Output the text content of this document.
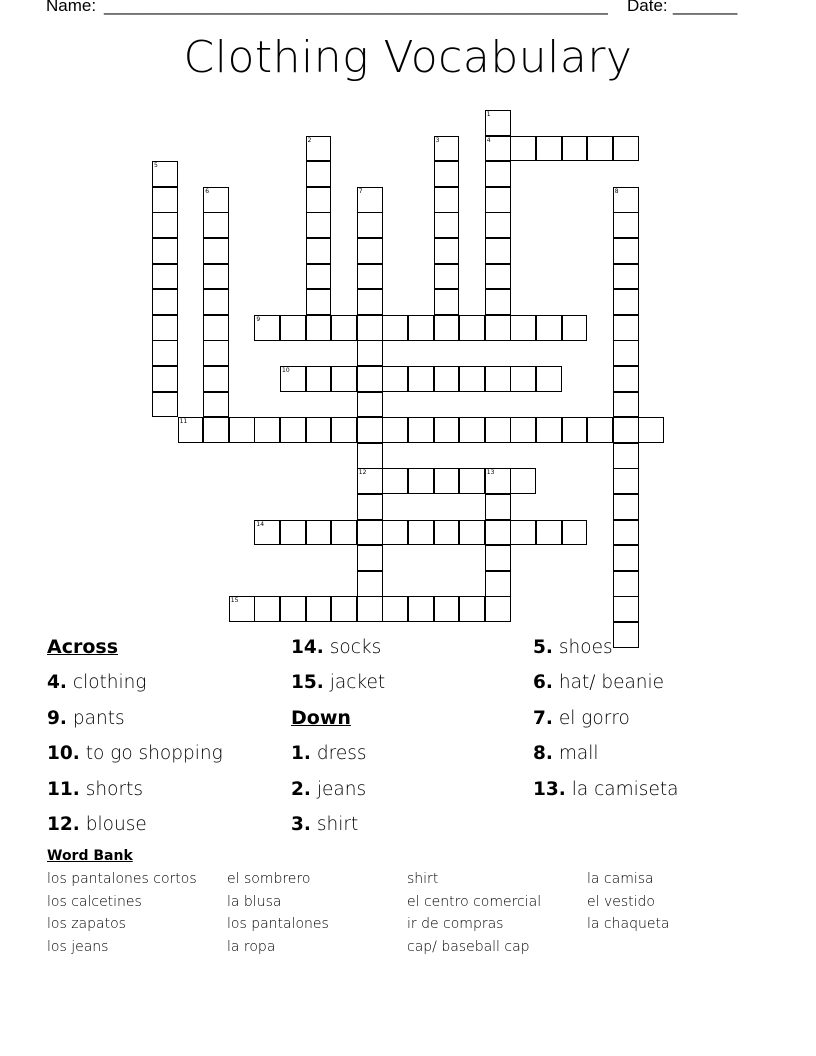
Name: _______________________________________________________ Date: _______
Clothing Vocabulary
1
2	3	4
5
6	7	8
9
10
11
12	13
14
15
Across
4. clothing
9. pants
10. to go shopping
11. shorts
12. blouse
14. socks
15. jacket
Down
1. dress
2. jeans
3. shirt
5. shoes
6. hat/ beanie
7. el gorro
8. mall
13. la camiseta
Word Bank
los pantalones cortos
los calcetines
los zapatos
los jeans
el sombrero
la blusa
los pantalones
la ropa
shirt
el centro comercial
ir de compras
cap/ baseball cap
la camisa
el vestido
la chaqueta
